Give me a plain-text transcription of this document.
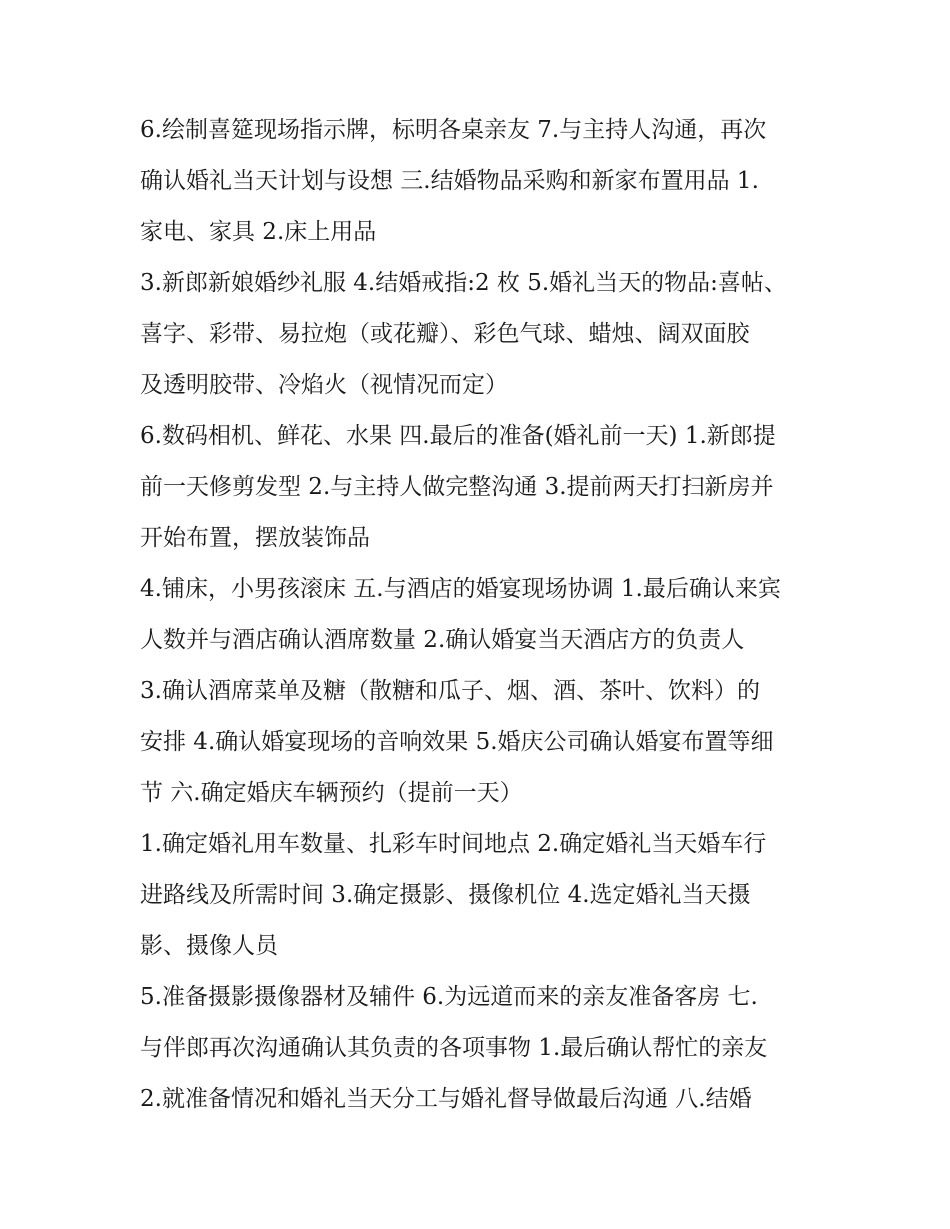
6.绘制喜筵现场指示牌，标明各桌亲友 7.与主持人沟通，再次
确认婚礼当天计划与设想 三.结婚物品采购和新家布置用品 1.
家电、家具 2.床上用品
3.新郎新娘婚纱礼服 4.结婚戒指:2 枚 5.婚礼当天的物品:喜帖、
喜字、彩带、易拉炮（或花瓣）、彩色气球、蜡烛、阔双面胶
及透明胶带、冷焰火（视情况而定）
6.数码相机、鲜花、水果 四.最后的准备(婚礼前一天) 1.新郎提
前一天修剪发型 2.与主持人做完整沟通 3.提前两天打扫新房并
开始布置，摆放装饰品
4.铺床，小男孩滚床 五.与酒店的婚宴现场协调 1.最后确认来宾
人数并与酒店确认酒席数量 2.确认婚宴当天酒店方的负责人
3.确认酒席菜单及糖（散糖和瓜子、烟、酒、茶叶、饮料）的
安排 4.确认婚宴现场的音响效果 5.婚庆公司确认婚宴布置等细
节 六.确定婚庆车辆预约（提前一天）
1.确定婚礼用车数量、扎彩车时间地点 2.确定婚礼当天婚车行
进路线及所需时间 3.确定摄影、摄像机位 4.选定婚礼当天摄
影、摄像人员
5.准备摄影摄像器材及辅件 6.为远道而来的亲友准备客房 七.
与伴郎再次沟通确认其负责的各项事物 1.最后确认帮忙的亲友
2.就准备情况和婚礼当天分工与婚礼督导做最后沟通 八.结婚
